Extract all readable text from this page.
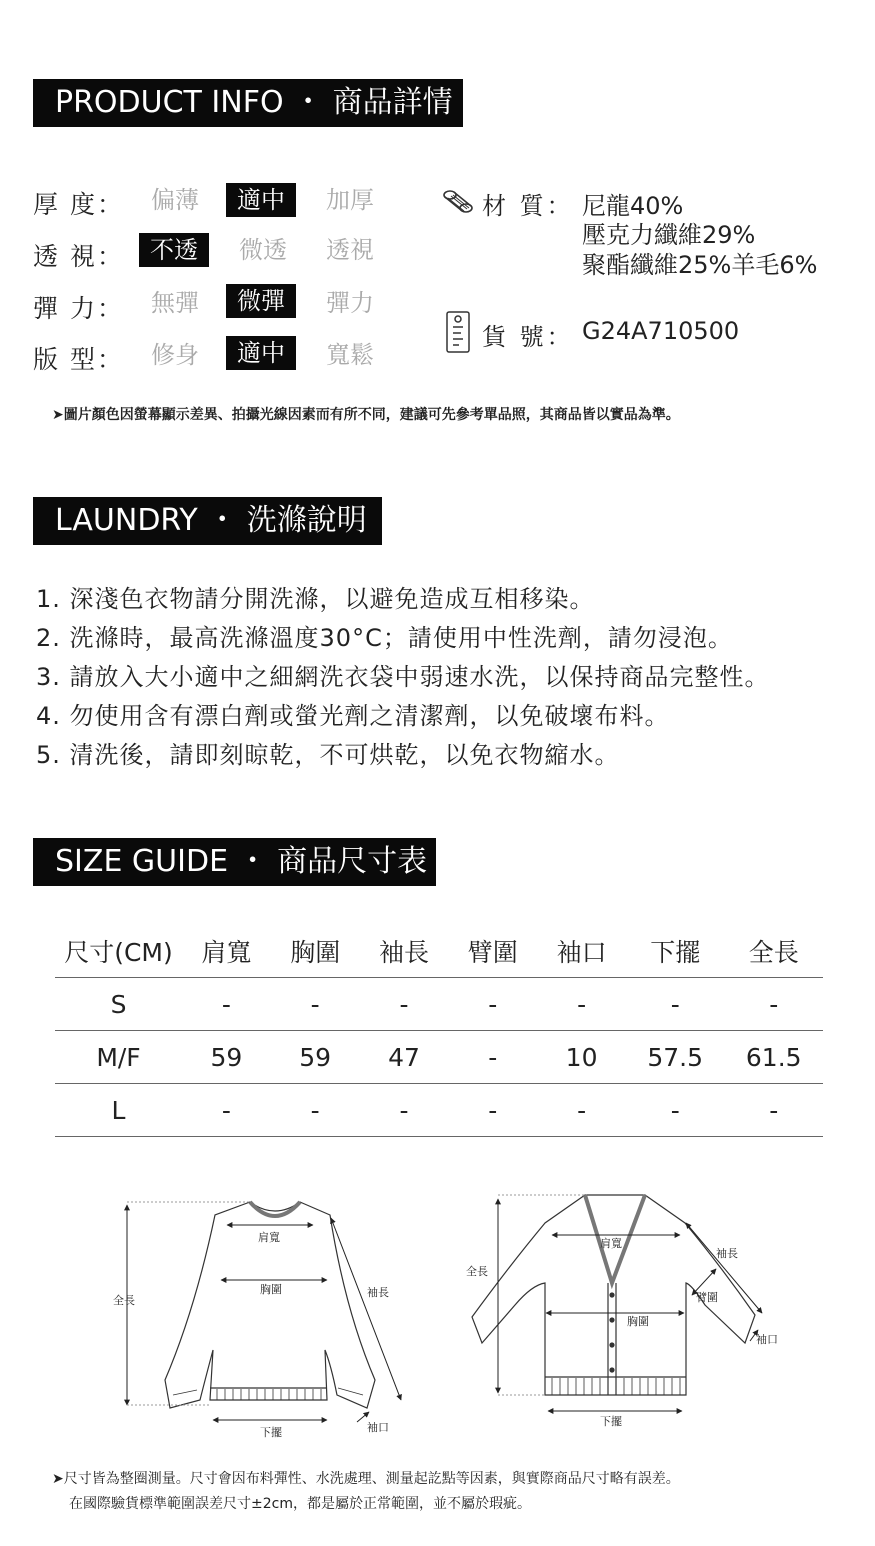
PRODUCT INFO ・ 商品詳情
厚 度：	偏薄	適中	加厚
透 視：	不透	微透	透視
彈 力：	無彈	微彈	彈力
版 型：	修身	適中	寬鬆
材 質： 尼龍40%
壓克力纖維29%
聚酯纖維25%羊毛6%
貨 號： G24A710500
➤圖片顏色因螢幕顯示差異、拍攝光線因素而有所不同，建議可先參考單品照，其商品皆以實品為準。
LAUNDRY ・ 洗滌說明
1. 深淺色衣物請分開洗滌，以避免造成互相移染。
2. 洗滌時，最高洗滌溫度30°C；請使用中性洗劑，請勿浸泡。
3. 請放入大小適中之細網洗衣袋中弱速水洗，以保持商品完整性。
4. 勿使用含有漂白劑或螢光劑之清潔劑，以免破壞布料。
5. 清洗後，請即刻晾乾，不可烘乾，以免衣物縮水。
SIZE GUIDE ・ 商品尺寸表
尺寸(CM)	肩寬	胸圍	袖長	臂圍	袖口	下擺	全長
S	-	-	-	-	-	-	-
M/F	59	59	47	-	10	57.5	61.5
L	-	-	-	-	-	-	-
全長
肩寬
胸圍	袖長
下擺	袖口
全長
肩寬
胸圍
袖長
臂圍
下擺
袖口
➤尺寸皆為整圈測量。尺寸會因布料彈性、水洗處理、測量起訖點等因素，與實際商品尺寸略有誤差。
在國際驗貨標準範圍誤差尺寸±2cm，都是屬於正常範圍，並不屬於瑕疵。
